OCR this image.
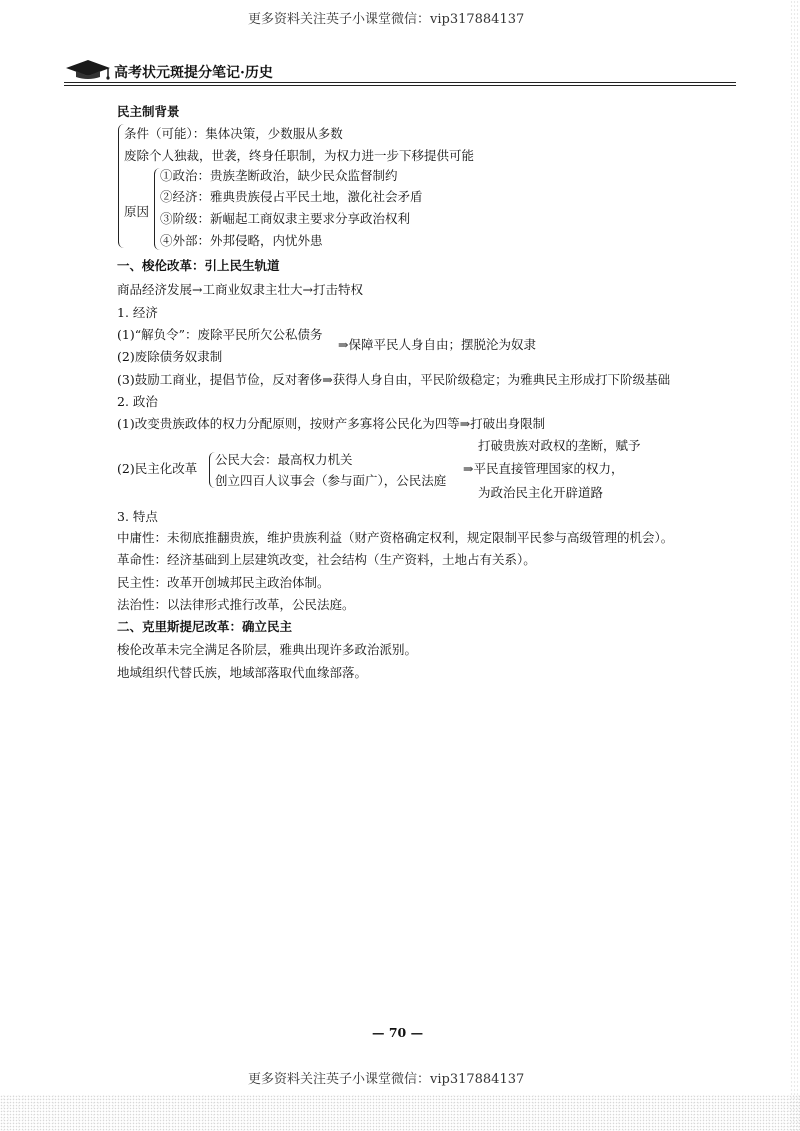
更多资料关注英子小课堂微信：vip317884137
高考状元斑提分笔记·历史
民主制背景
条件（可能）：集体决策，少数服从多数
废除个人独裁，世袭，终身任职制，为权力进一步下移提供可能
原因
①政治：贵族垄断政治，缺少民众监督制约
②经济：雅典贵族侵占平民土地，激化社会矛盾
③阶级：新崛起工商奴隶主要求分享政治权利
④外部：外邦侵略，内忧外患
一、梭伦改革：引上民生轨道
商品经济发展→工商业奴隶主壮大→打击特权
1. 经济
(1)“解负令”：废除平民所欠公私债务
⇒保障平民人身自由；摆脱沦为奴隶
(2)废除债务奴隶制
(3)鼓励工商业，提倡节俭，反对奢侈⇒获得人身自由，平民阶级稳定；为雅典民主形成打下阶级基础
2. 政治
(1)改变贵族政体的权力分配原则，按财产多寡将公民化为四等⇒打破出身限制
(2)民主化改革
公民大会：最高权力机关
创立四百人议事会（参与面广），公民法庭
打破贵族对政权的垄断，赋予
⇒平民直接管理国家的权力，
为政治民主化开辟道路
3. 特点
中庸性：未彻底推翻贵族，维护贵族利益（财产资格确定权利，规定限制平民参与高级管理的机会）。
革命性：经济基础到上层建筑改变，社会结构（生产资料，土地占有关系）。
民主性：改革开创城邦民主政治体制。
法治性：以法律形式推行改革，公民法庭。
二、克里斯提尼改革：确立民主
梭伦改革未完全满足各阶层，雅典出现许多政治派别。
地域组织代替氏族，地域部落取代血缘部落。
— 70 —
更多资料关注英子小课堂微信：vip317884137
